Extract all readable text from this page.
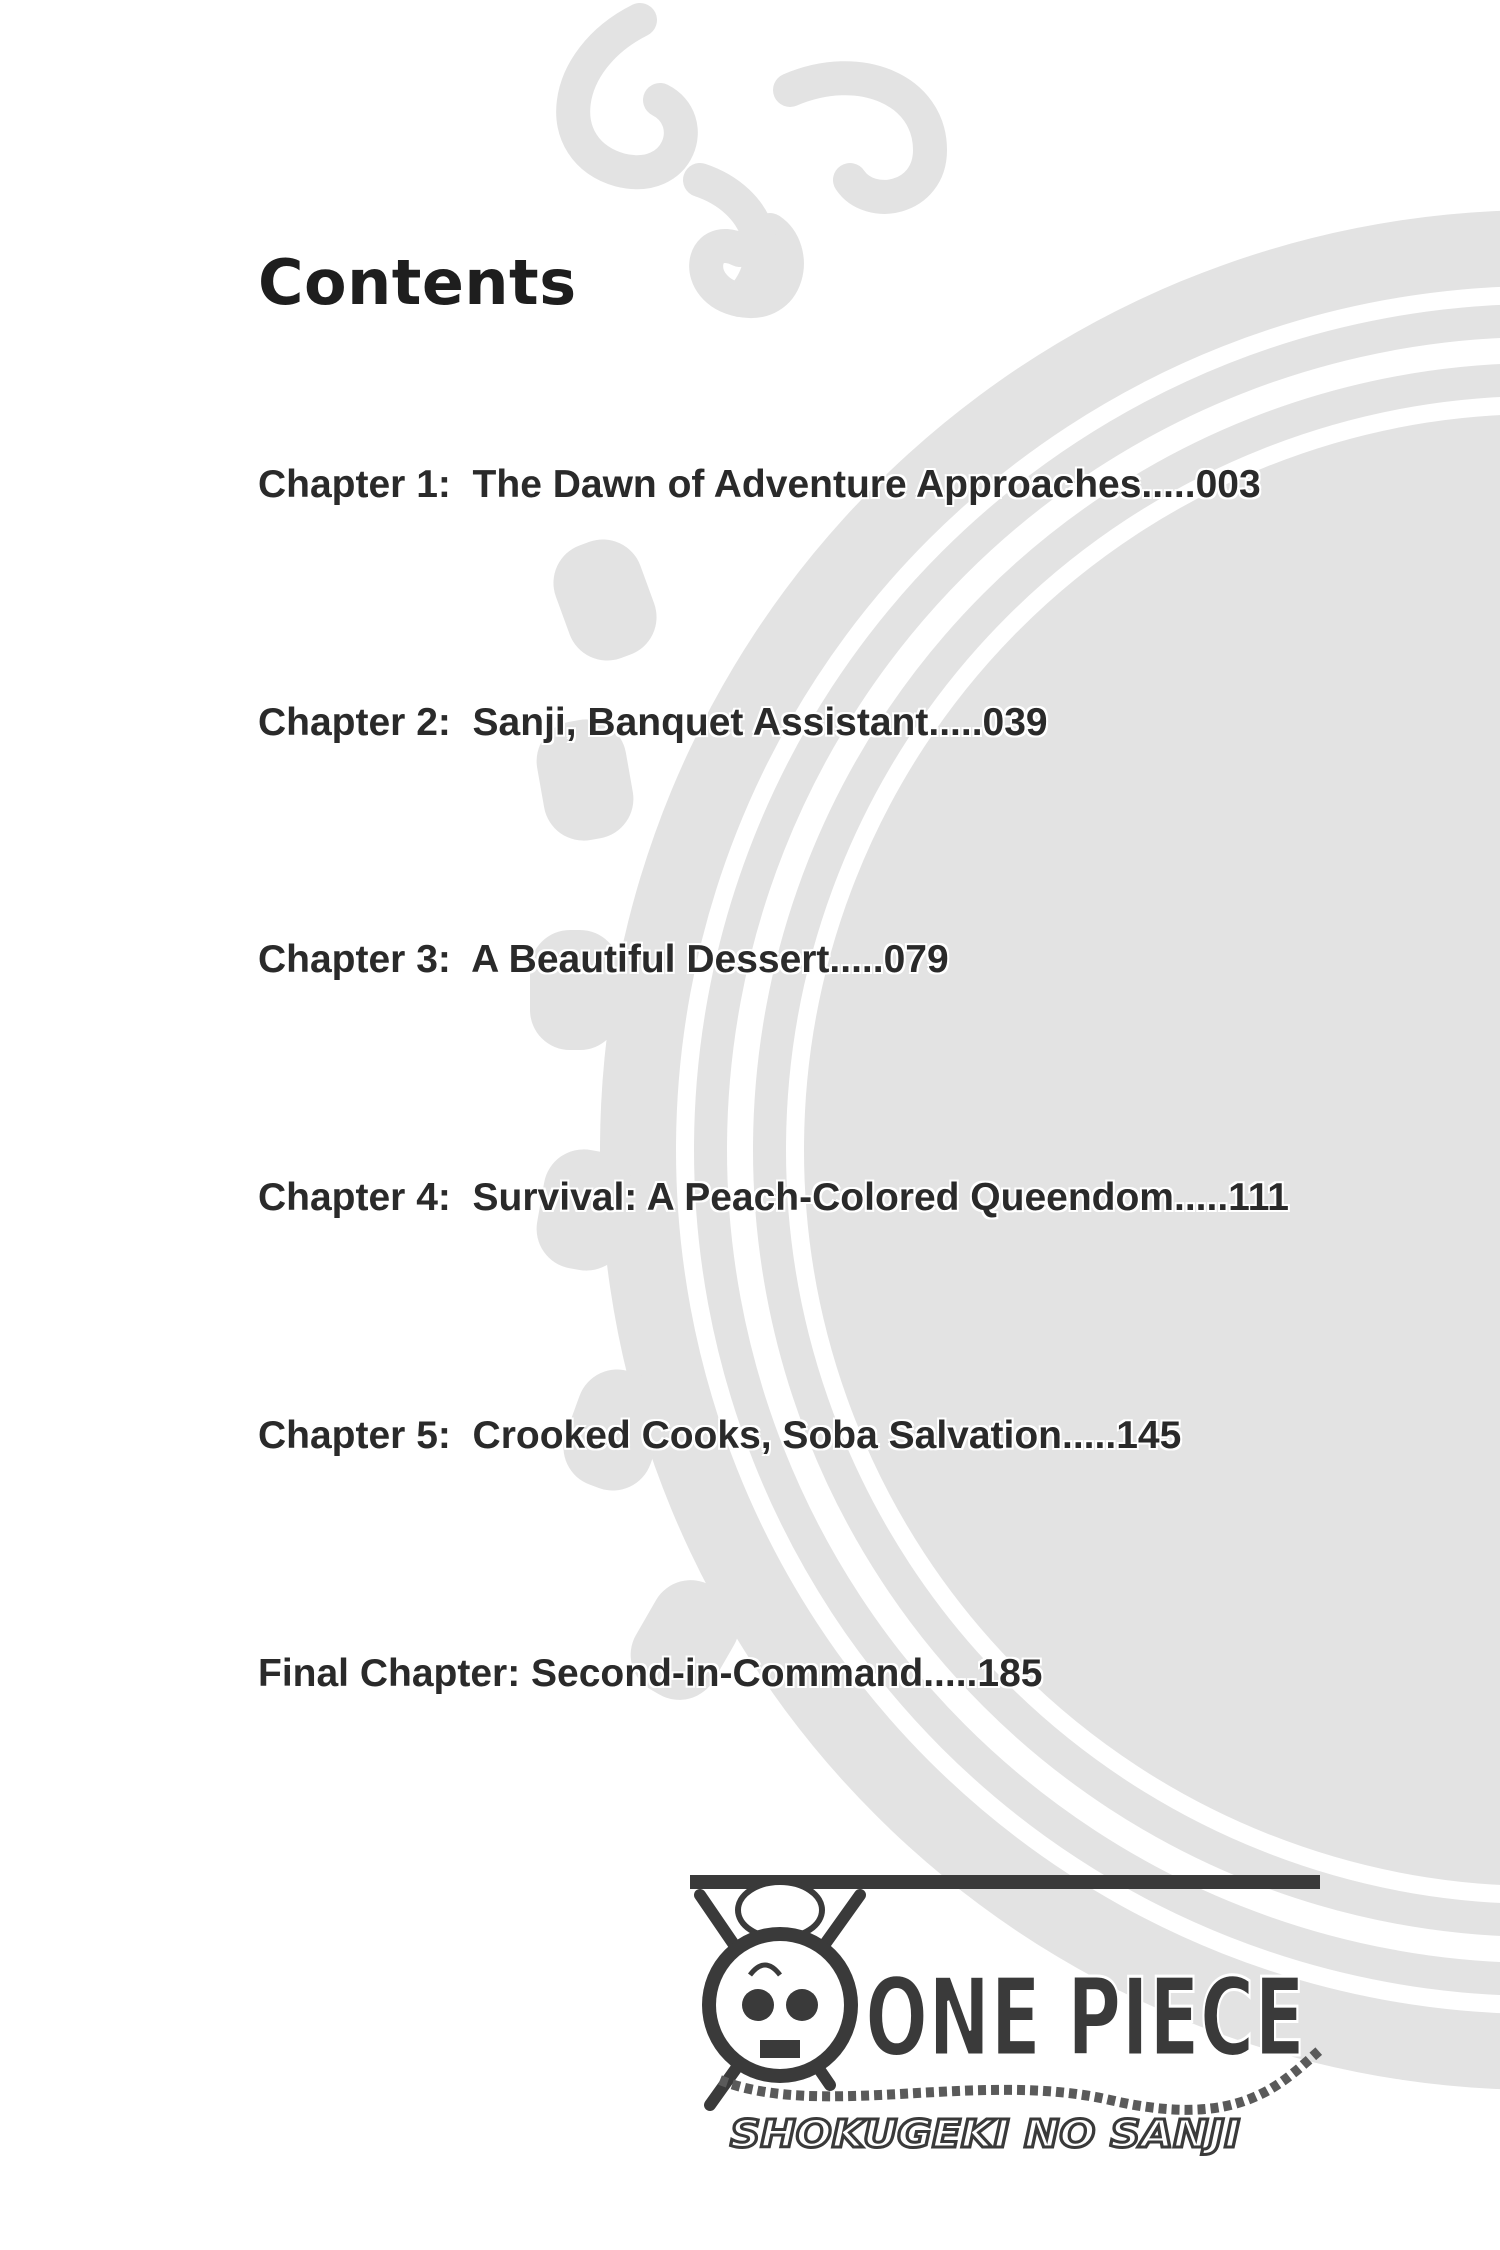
Contents
Chapter 1: The Dawn of Adventure Approaches.....003
Chapter 2: Sanji, Banquet Assistant.....039
Chapter 3: A Beautiful Dessert.....079
Chapter 4: Survival: A Peach-Colored Queendom.....111
Chapter 5: Crooked Cooks, Soba Salvation.....145
Final Chapter: Second-in-Command.....185
ONE PIECE
SHOKUGEKI NO SANJI
